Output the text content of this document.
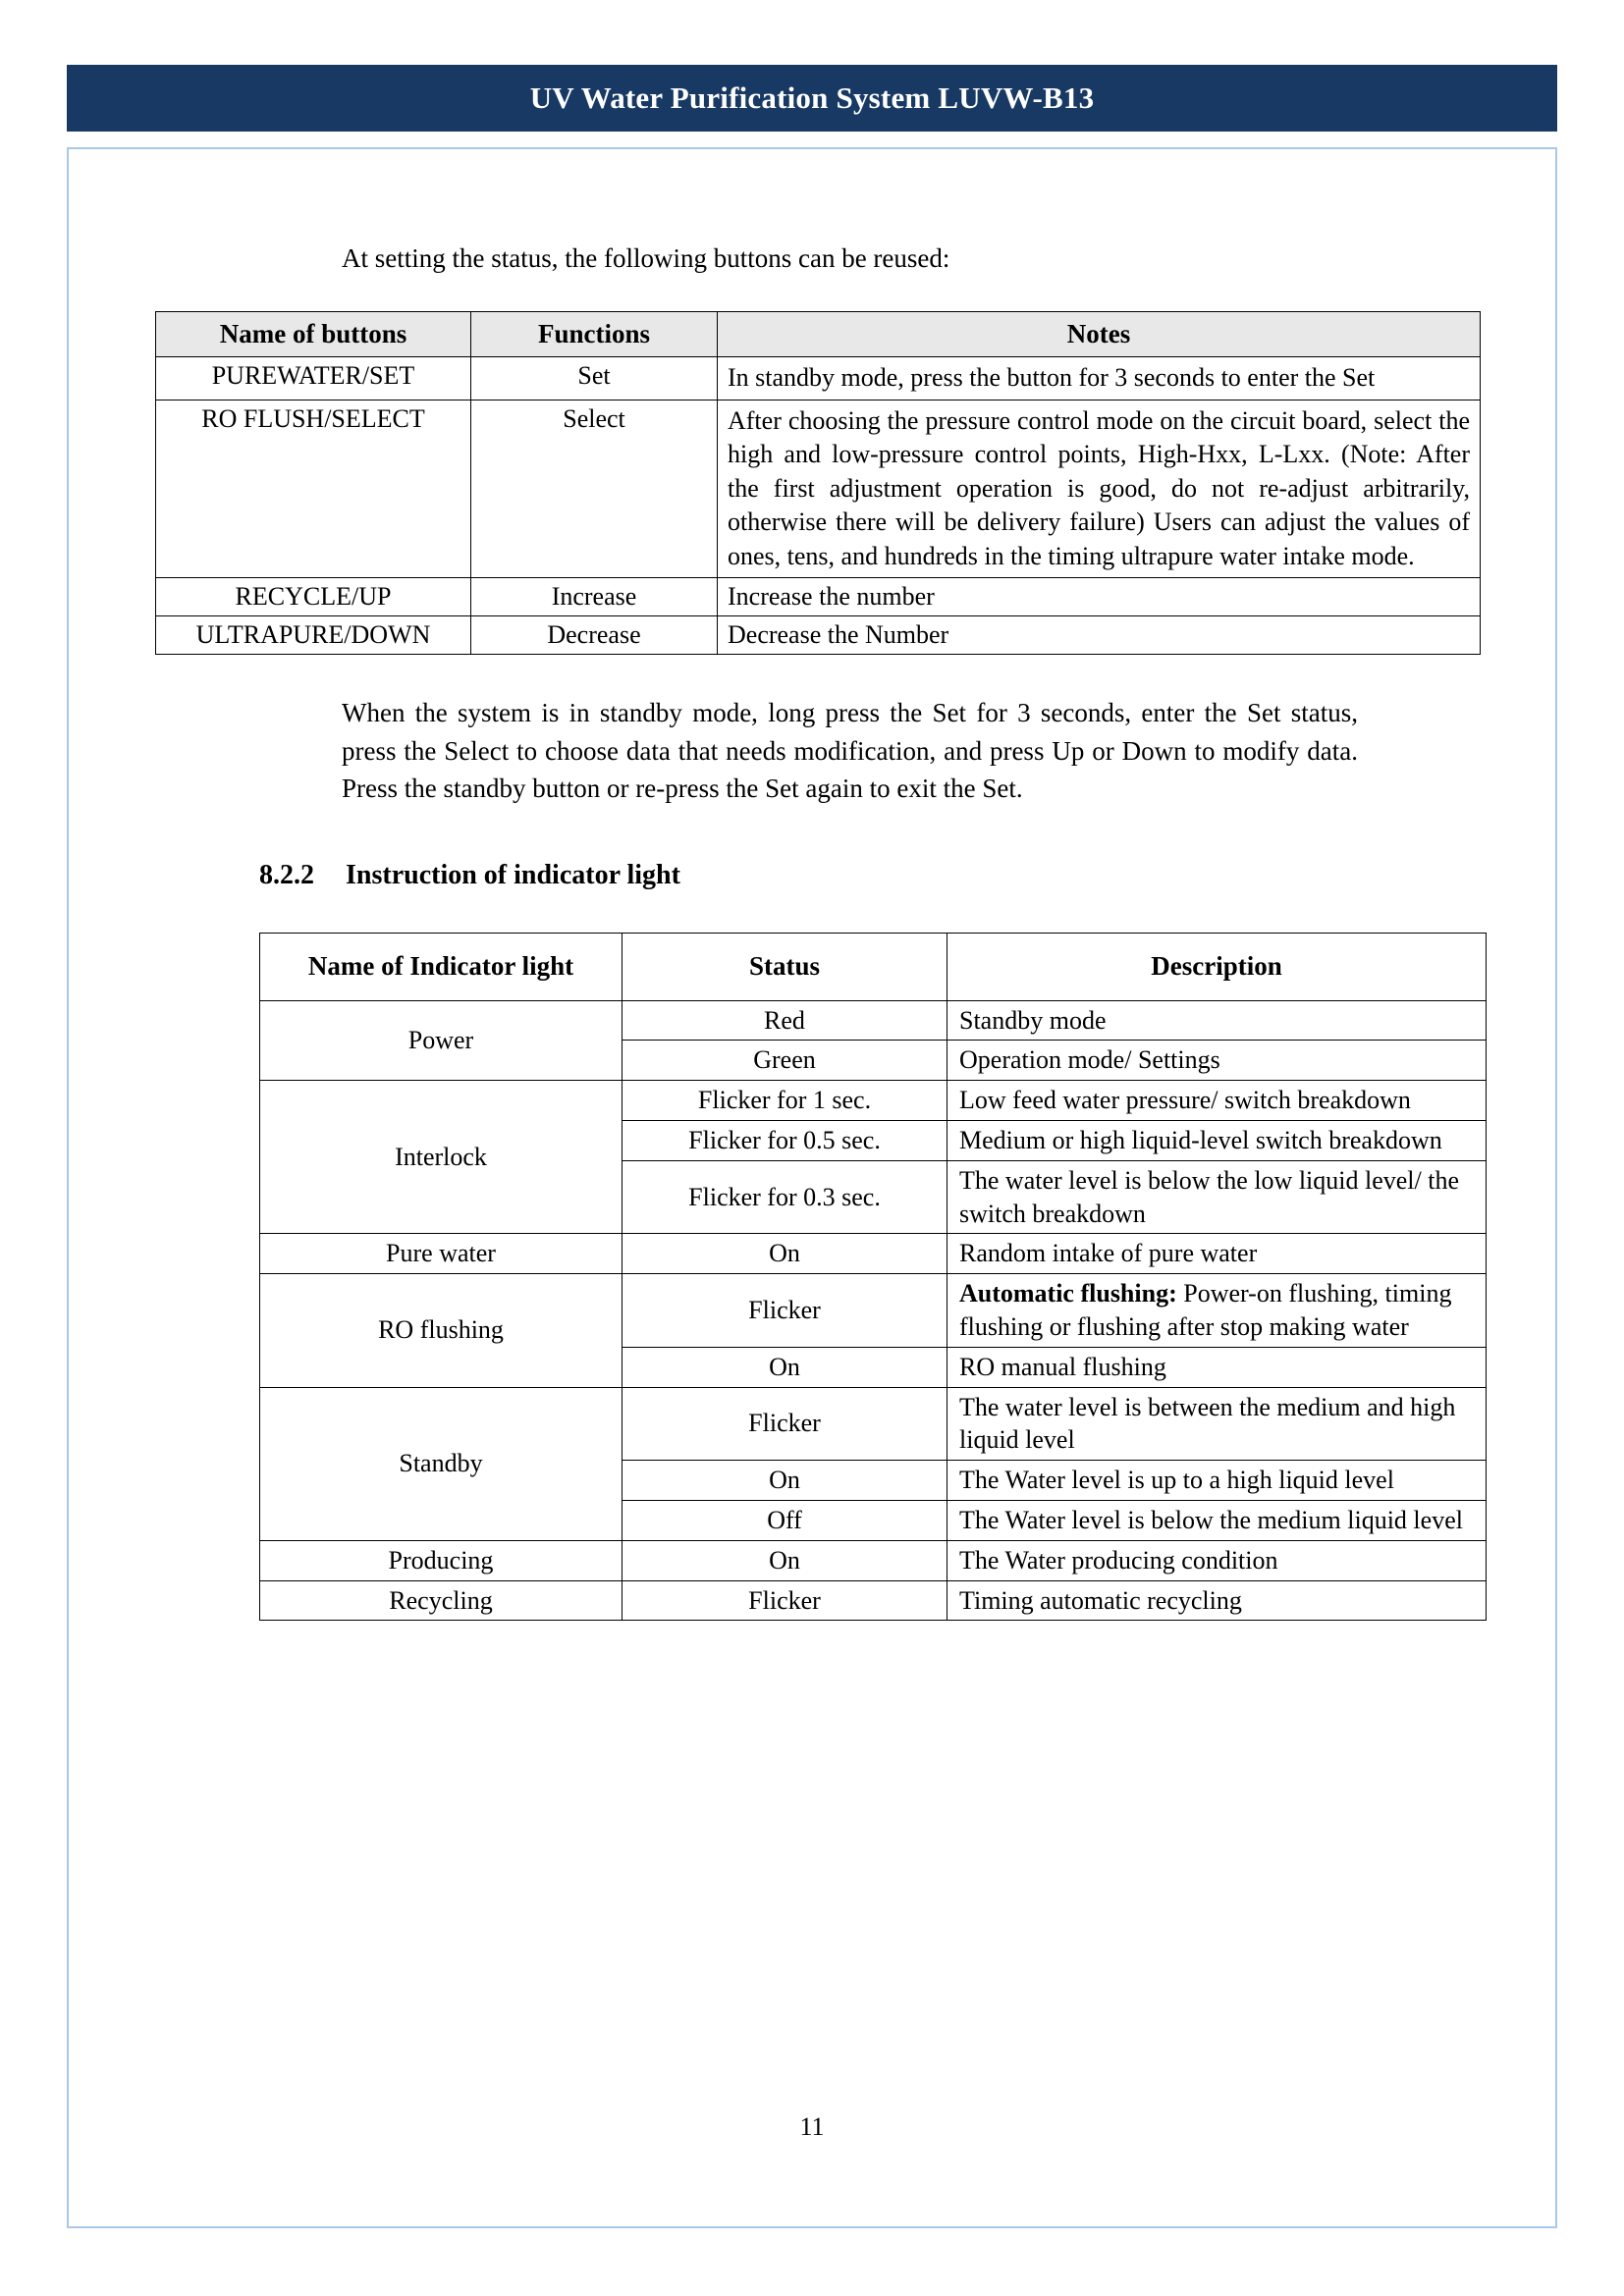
UV Water Purification System LUVW-B13
At setting the status, the following buttons can be reused:
Name of buttons	Functions	Notes
PUREWATER/SET	Set	In standby mode, press the button for 3 seconds to enter the Set
RO FLUSH/SELECT	Select	After choosing the pressure control mode on the circuit board, select the high and low-pressure control points, High-Hxx, L-Lxx. (Note: After the first adjustment operation is good, do not re-adjust arbitrarily, otherwise there will be delivery failure) Users can adjust the values of ones, tens, and hundreds in the timing ultrapure water intake mode.
RECYCLE/UP	Increase	Increase the number
ULTRAPURE/DOWN	Decrease	Decrease the Number
When the system is in standby mode, long press the Set for 3 seconds, enter the Set status, press the Select to choose data that needs modification, and press Up or Down to modify data. Press the standby button or re-press the Set again to exit the Set.
8.2.2 Instruction of indicator light
Name of Indicator light	Status	Description
Power	Red	Standby mode
	Green	Operation mode/ Settings
Interlock	Flicker for 1 sec.	Low feed water pressure/ switch breakdown
	Flicker for 0.5 sec.	Medium or high liquid-level switch breakdown
	Flicker for 0.3 sec.	The water level is below the low liquid level/ the switch breakdown
Pure water	On	Random intake of pure water
RO flushing	Flicker	Automatic flushing: Power-on flushing, timing flushing or flushing after stop making water
	On	RO manual flushing
Standby	Flicker	The water level is between the medium and high liquid level
	On	The Water level is up to a high liquid level
	Off	The Water level is below the medium liquid level
Producing	On	The Water producing condition
Recycling	Flicker	Timing automatic recycling
11
